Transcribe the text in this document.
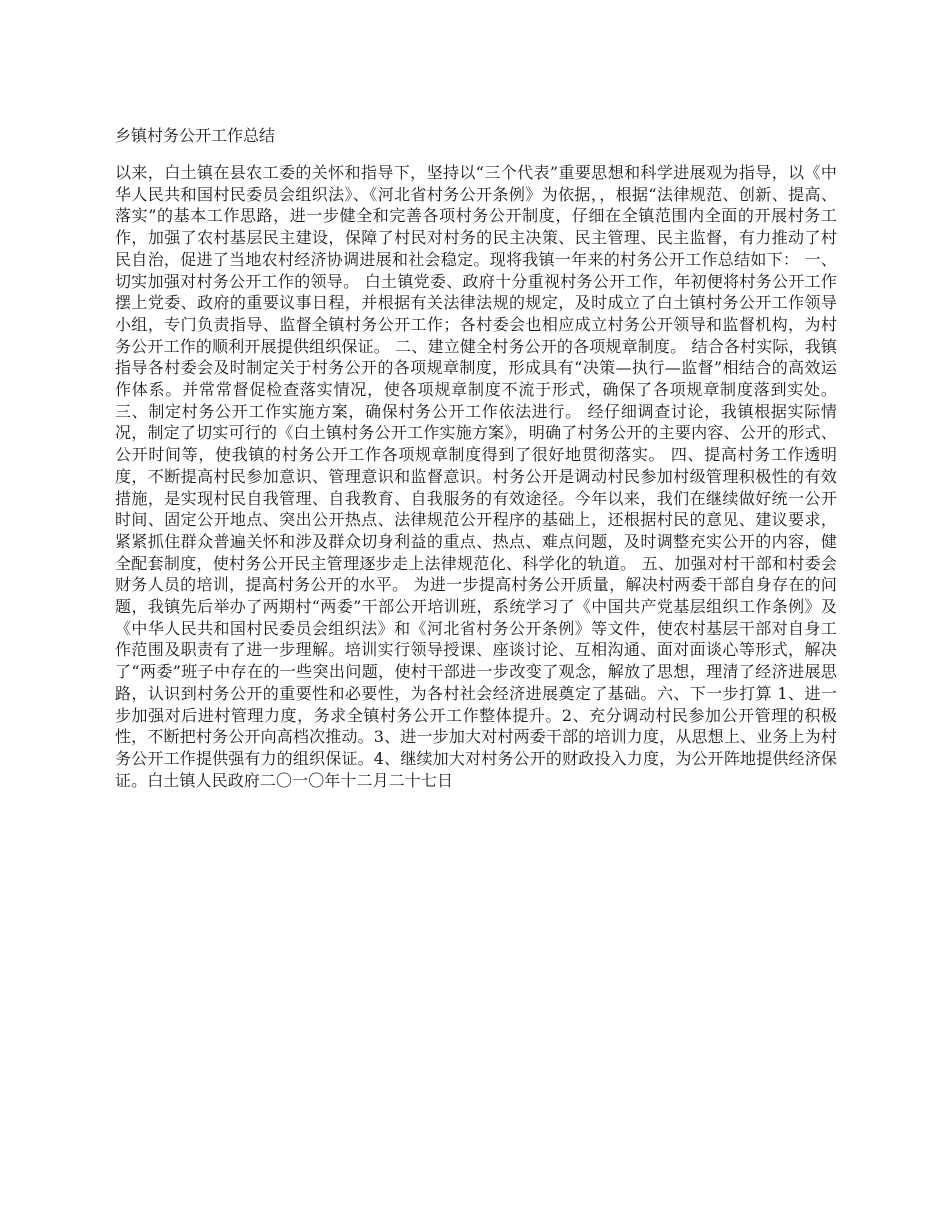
乡镇村务公开工作总结

以来，白土镇在县农工委的关怀和指导下，坚持以“三个代表”重要思想和科学进展观为指导，以《中华人民共和国村民委员会组织法》、《河北省村务公开条例》为依据，，根据“法律规范、创新、提高、落实”的基本工作思路，进一步健全和完善各项村务公开制度，仔细在全镇范围内全面的开展村务工作，加强了农村基层民主建设，保障了村民对村务的民主决策、民主管理、民主监督，有力推动了村民自治，促进了当地农村经济协调进展和社会稳定。现将我镇一年来的村务公开工作总结如下： 一、切实加强对村务公开工作的领导。 白土镇党委、政府十分重视村务公开工作，年初便将村务公开工作摆上党委、政府的重要议事日程，并根据有关法律法规的规定，及时成立了白土镇村务公开工作领导小组，专门负责指导、监督全镇村务公开工作；各村委会也相应成立村务公开领导和监督机构，为村务公开工作的顺利开展提供组织保证。 二、建立健全村务公开的各项规章制度。 结合各村实际，我镇指导各村委会及时制定关于村务公开的各项规章制度，形成具有“决策—执行—监督”相结合的高效运作体系。并常常督促检查落实情况，使各项规章制度不流于形式，确保了各项规章制度落到实处。 三、制定村务公开工作实施方案，确保村务公开工作依法进行。 经仔细调查讨论，我镇根据实际情况，制定了切实可行的《白土镇村务公开工作实施方案》，明确了村务公开的主要内容、公开的形式、公开时间等，使我镇的村务公开工作各项规章制度得到了很好地贯彻落实。 四、提高村务工作透明度，不断提高村民参加意识、管理意识和监督意识。村务公开是调动村民参加村级管理积极性的有效措施，是实现村民自我管理、自我教育、自我服务的有效途径。今年以来，我们在继续做好统一公开时间、固定公开地点、突出公开热点、法律规范公开程序的基础上，还根据村民的意见、建议要求，紧紧抓住群众普遍关怀和涉及群众切身利益的重点、热点、难点问题，及时调整充实公开的内容，健全配套制度，使村务公开民主管理逐步走上法律规范化、科学化的轨道。 五、加强对村干部和村委会财务人员的培训，提高村务公开的水平。 为进一步提高村务公开质量，解决村两委干部自身存在的问题，我镇先后举办了两期村“两委”干部公开培训班，系统学习了《中国共产党基层组织工作条例》及《中华人民共和国村民委员会组织法》和《河北省村务公开条例》等文件，使农村基层干部对自身工作范围及职责有了进一步理解。培训实行领导授课、座谈讨论、互相沟通、面对面谈心等形式，解决了“两委”班子中存在的一些突出问题，使村干部进一步改变了观念，解放了思想，理清了经济进展思路，认识到村务公开的重要性和必要性，为各村社会经济进展奠定了基础。六、下一步打算 1、进一步加强对后进村管理力度，务求全镇村务公开工作整体提升。2、充分调动村民参加公开管理的积极性，不断把村务公开向高档次推动。3、进一步加大对村两委干部的培训力度，从思想上、业务上为村务公开工作提供强有力的组织保证。4、继续加大对村务公开的财政投入力度，为公开阵地提供经济保证。白土镇人民政府二〇一〇年十二月二十七日
